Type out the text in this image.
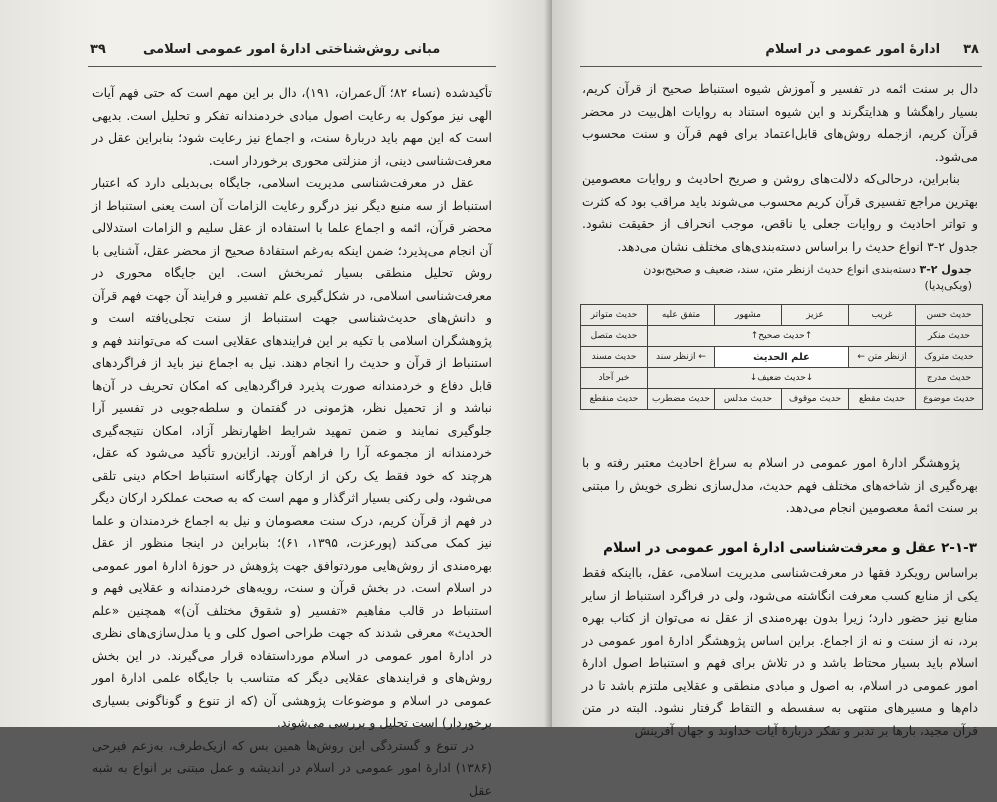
مبانی روش‌شناختی ادارهٔ امور عمومی اسلامی  ۳۹

تأکیدشده (نساء ۸۲؛ آل‌عمران، ۱۹۱)، دال بر این مهم است که حتی فهم آیات الهی نیز موکول به رعایت اصول مبادی خردمندانه تفکر و تحلیل است. بدیهی است که این مهم باید دربارهٔ سنت، و اجماع نیز رعایت شود؛ بنابراین عقل در معرفت‌شناسی دینی، از منزلتی محوری برخوردار است.

عقل در معرفت‌شناسی مدیریت اسلامی، جایگاه بی‌بدیلی دارد که اعتبار استنباط از سه منبع دیگر نیز درگرو رعایت الزامات آن است یعنی استنباط از محضر قرآن، ائمه و اجماع علما با استفاده از عقل سلیم و الزامات استدلالی آن انجام می‌پذیرد؛ ضمن اینکه به‌رغم استفادهٔ صحیح از محضر عقل، آشنایی با روش تحلیل منطقی بسیار ثمربخش است. این جایگاه محوری در معرفت‌شناسی اسلامی، در شکل‌گیری علم تفسیر و فرایند آن جهت فهم قرآن و دانش‌های حدیث‌شناسی جهت استنباط از سنت تجلی‌یافته است و پژوهشگران اسلامی با تکیه بر این فرایندهای عقلایی است که می‌توانند فهم و استنباط از قرآن و حدیث را انجام دهند. نیل به اجماع نیز باید از فراگردهای قابل دفاع و خردمندانه صورت پذیرد فراگردهایی که امکان تحریف در آن‌ها نباشد و از تحمیل نظر، هژمونی در گفتمان و سلطه‌جویی در تفسیر آرا جلوگیری نمایند و ضمن تمهید شرایط اظهارنظر آزاد، امکان نتیجه‌گیری خردمندانه از مجموعه آرا را فراهم آورند. ازاین‌رو تأکید می‌شود که عقل، هرچند که خود فقط یک رکن از ارکان چهارگانه استنباط احکام دینی تلقی می‌شود، ولی رکنی بسیار اثرگذار و مهم است که به صحت عملکرد ارکان دیگر در فهم از قرآن کریم، درک سنت معصومان و نیل به اجماع خردمندان و علما نیز کمک می‌کند (پورعزت، ۱۳۹۵، ۶۱)؛ بنابراین در اینجا منظور از عقل بهره‌مندی از روش‌هایی موردتوافق جهت پژوهش در حوزهٔ ادارهٔ امور عمومی در اسلام است. در بخش قرآن و سنت، رویه‌های خردمندانه و عقلایی فهم و استنباط در قالب مفاهیم «تفسیر (و شقوق مختلف آن)» همچنین «علم الحدیث» معرفی شدند که جهت طراحی اصول کلی و یا مدل‌سازی‌های نظری در ادارهٔ امور عمومی در اسلام مورداستفاده قرار می‌گیرند. در این بخش روش‌های و فرایندهای عقلایی دیگر که متناسب با جایگاه علمی ادارهٔ امور عمومی در اسلام و موضوعات پژوهشی آن (که از تنوع و گوناگونی بسیاری برخوردار) است تحلیل و بررسی می‌شوند.

در تنوع و گستردگی این روش‌ها همین بس که ازیک‌طرف، به‌زعم فیرحی (۱۳۸۶) ادارهٔ امور عمومی در اسلام در اندیشه و عمل مبتنی بر انواع به شبه عقل

۳۸  ادارهٔ امور عمومی در اسلام

دال بر سنت ائمه در تفسیر و آموزش شیوه استنباط صحیح از قرآن کریم، بسیار راهگشا و هدایتگرند و این شیوه استناد به روایات اهل‌بیت در محضر قرآن کریم، ازجمله روش‌های قابل‌اعتماد برای فهم قرآن و سنت محسوب می‌شود.

بنابراین، درحالی‌که دلالت‌های روشن و صریح احادیث و روایات معصومین بهترین مراجع تفسیری قرآن کریم محسوب می‌شوند باید مراقب بود که کثرت و تواتر احادیث و روایات جعلی یا ناقص، موجب انحراف از حقیقت نشود. جدول ۲-۳ انواع حدیث را براساس دسته‌بندی‌های مختلف نشان می‌دهد.

جدول ۲-۳ دسته‌بندی انواع حدیث ازنظر متن، سند، ضعیف و صحیح‌بودن (ویکی‌پدیا)
حدیث حسن	غریب	عزیز	مشهور	متفق علیه	حدیث متواتر
حدیث منکر	↑حدیث صحیح↑				حدیث متصل
حدیث متروک	ازنظر متن ←	علم الحدیث		← ازنظر سند	حدیث مسند
حدیث مدرج	↓حدیث ضعیف↓				خبر آحاد
حدیث موضوع	حدیث مقطع	حدیث موقوف	حدیث مدلس	حدیث مضطرب	حدیث منقطع

پژوهشگر ادارهٔ امور عمومی در اسلام به سراغ احادیث معتبر رفته و با بهره‌گیری از شاخه‌های مختلف فهم حدیث، مدل‌سازی نظری خویش را مبتنی بر سنت ائمهٔ معصومین انجام می‌دهد.

۲-۱-۳ عقل و معرفت‌شناسی ادارهٔ امور عمومی در اسلام

براساس رویکرد فقها در معرفت‌شناسی مدیریت اسلامی، عقل، بااینکه فقط یکی از منابع کسب معرفت انگاشته می‌شود، ولی در فراگرد استنباط از سایر منابع نیز حضور دارد؛ زیرا بدون بهره‌مندی از عقل نه می‌توان از کتاب بهره برد، نه از سنت و نه از اجماع. براین اساس پژوهشگر ادارهٔ امور عمومی در اسلام باید بسیار محتاط باشد و در تلاش برای فهم و استنباط اصول ادارهٔ امور عمومی در اسلام، به اصول و مبادی منطقی و عقلایی ملتزم باشد تا در دام‌ها و مسیرهای منتهی به سفسطه و التقاط گرفتار نشود. البته در متن قرآن مجید، بارها بر تدبر و تفکر دربارهٔ آیات خداوند و جهان آفرینش
